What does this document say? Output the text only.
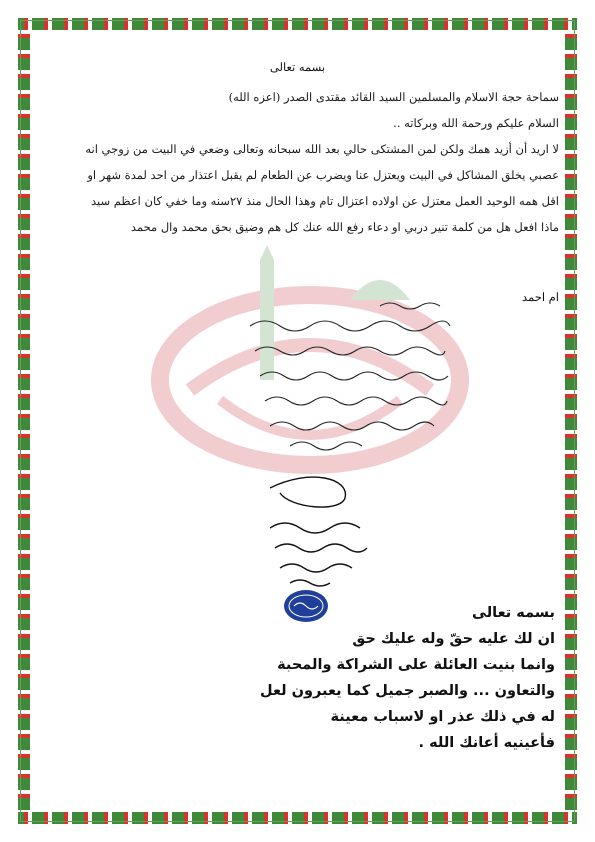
بسمه تعالى

سماحة حجة الاسلام والمسلمين السيد القائد مقتدى الصدر (اعزه الله)

السلام عليكم ورحمة الله وبركاته ..

لا اريد أن أزيد همك ولكن لمن المشتكى حالي بعد الله سبحانه وتعالى وضعي في البيت من زوجي انه

عصبي يخلق المشاكل في البيت ويعتزل عنا ويضرب عن الطعام لم يقبل اعتذار من احد لمدة شهر او

اقل همه الوحيد العمل معتزل عن اولاده اعتزال تام وهذا الحال منذ ٢٧سنه وما خفي كان اعظم سيد

ماذا افعل هل من كلمة تنير دربي او دعاء رفع الله عنك كل هم وضيق بحق محمد وال محمد

ام احمد

بسمه تعالى

ان لك عليه حقّ وله عليك حق

وانما بنيت العائلة على الشراكة والمحبة

والتعاون ... والصبر جميل كما يعبرون لعل

له في ذلك عذر او لاسباب معينة

فأعينيه أعانك الله .
